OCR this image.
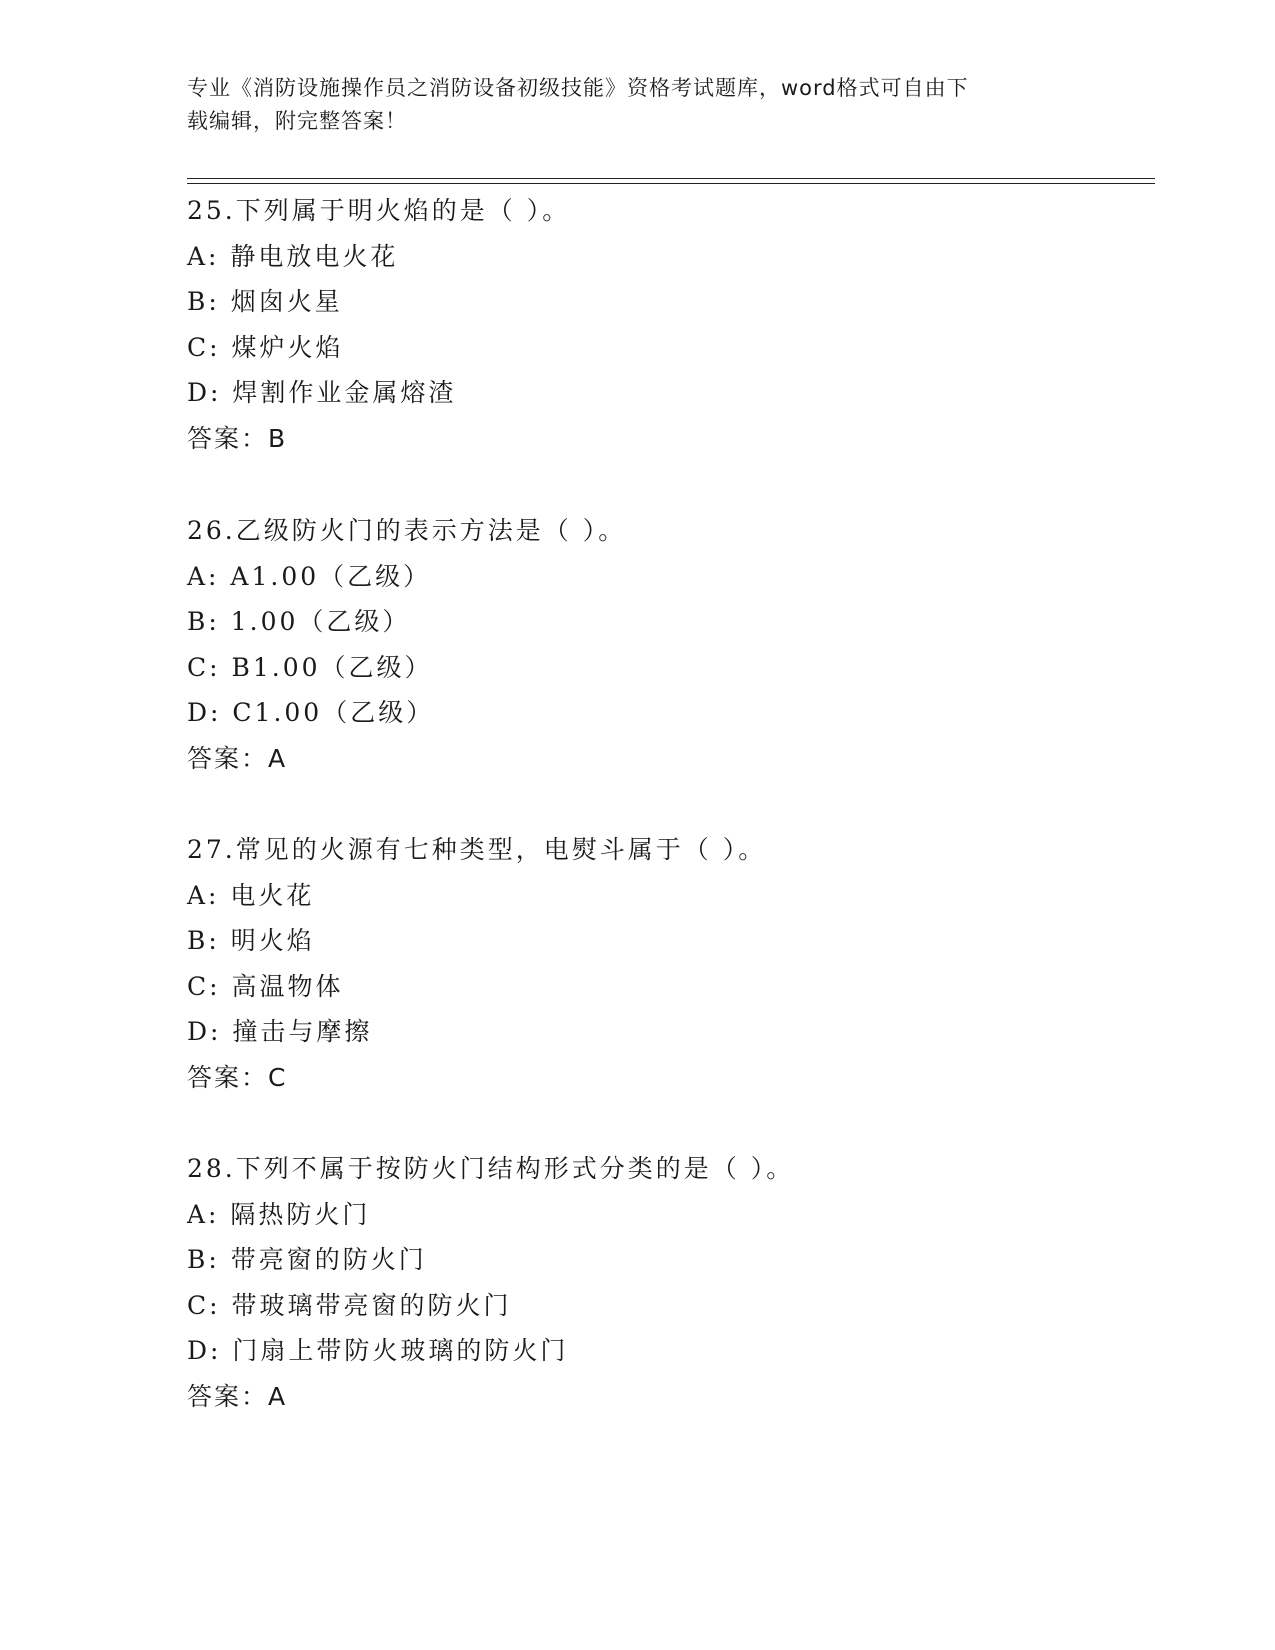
专业《消防设施操作员之消防设备初级技能》资格考试题库，word格式可自由下
载编辑，附完整答案！
25.下列属于明火焰的是（ ）。
A: 静电放电火花
B: 烟囱火星
C: 煤炉火焰
D: 焊割作业金属熔渣
答案：B
26.乙级防火门的表示方法是（ ）。
A: A1.00（乙级）
B: 1.00（乙级）
C: B1.00（乙级）
D: C1.00（乙级）
答案：A
27.常见的火源有七种类型，电熨斗属于（ ）。
A: 电火花
B: 明火焰
C: 高温物体
D: 撞击与摩擦
答案：C
28.下列不属于按防火门结构形式分类的是（ ）。
A: 隔热防火门
B: 带亮窗的防火门
C: 带玻璃带亮窗的防火门
D: 门扇上带防火玻璃的防火门
答案：A
